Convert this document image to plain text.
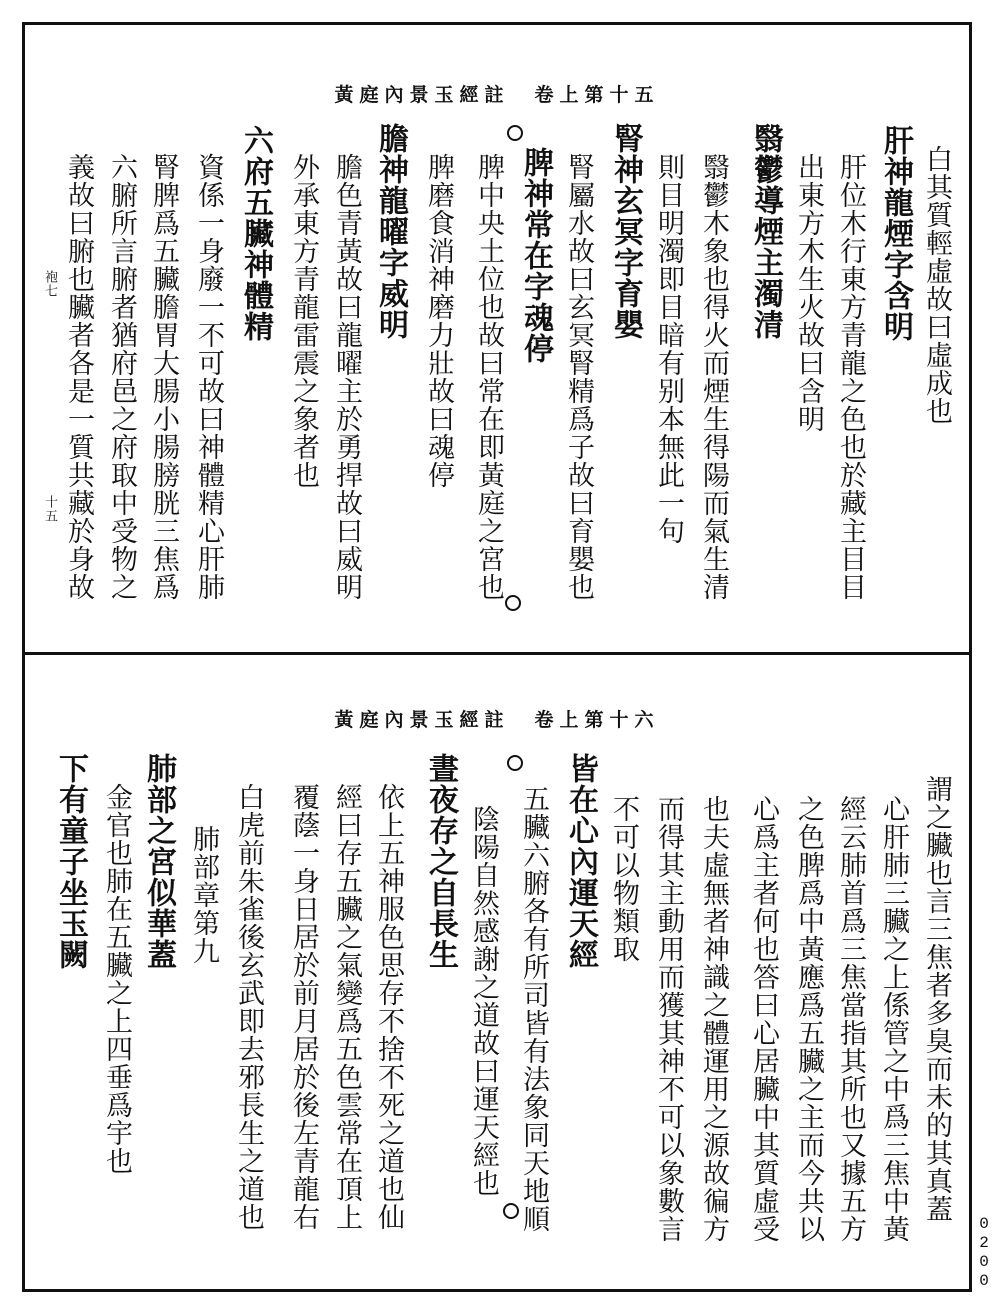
黃庭內景玉經註　卷上第十五
白其質輕虛故曰虛成也
肝神龍煙字含明
肝位木行東方青龍之色也於藏主目目
出東方木生火故曰含明
翳鬱導煙主濁清
翳鬱木象也得火而煙生得陽而氣生清
則目明濁即目暗有别本無此一句
腎神玄冥字育嬰
腎屬水故曰玄冥腎精爲子故曰育嬰也
脾神常在字魂停
脾中央土位也故曰常在即黃庭之宮也
脾磨食消神磨力壯故曰魂停
膽神龍曜字威明
膽色青黃故曰龍曜主於勇捍故曰威明
外承東方青龍雷震之象者也
六府五臟神體精
資係一身廢一不可故曰神體精心肝肺
腎脾爲五臟膽胃大腸小腸膀胱三焦爲
六腑所言腑者猶府邑之府取中受物之
義故曰腑也臟者各是一質共藏於身故
袍七
十五
黃庭內景玉經註　卷上第十六
謂之臟也言三焦者多臭而未的其真蓋
心肝肺三臟之上係管之中爲三焦中黃
經云肺首爲三焦當指其所也又據五方
之色脾爲中黃應爲五臟之主而今共以
心爲主者何也答曰心居臟中其質虛受
也夫虛無者神識之體運用之源故徧方
而得其主動用而獲其神不可以象數言
不可以物類取
皆在心內運天經
五臟六腑各有所司皆有法象同天地順
陰陽自然感謝之道故曰運天經也
晝夜存之自長生
依上五神服色思存不捨不死之道也仙
經曰存五臟之氣變爲五色雲常在頂上
覆蔭一身日居於前月居於後左青龍右
白虎前朱雀後玄武即去邪長生之道也
肺部章第九
肺部之宮似華蓋
金官也肺在五臟之上四垂爲宇也
下有童子坐玉闕
0200
